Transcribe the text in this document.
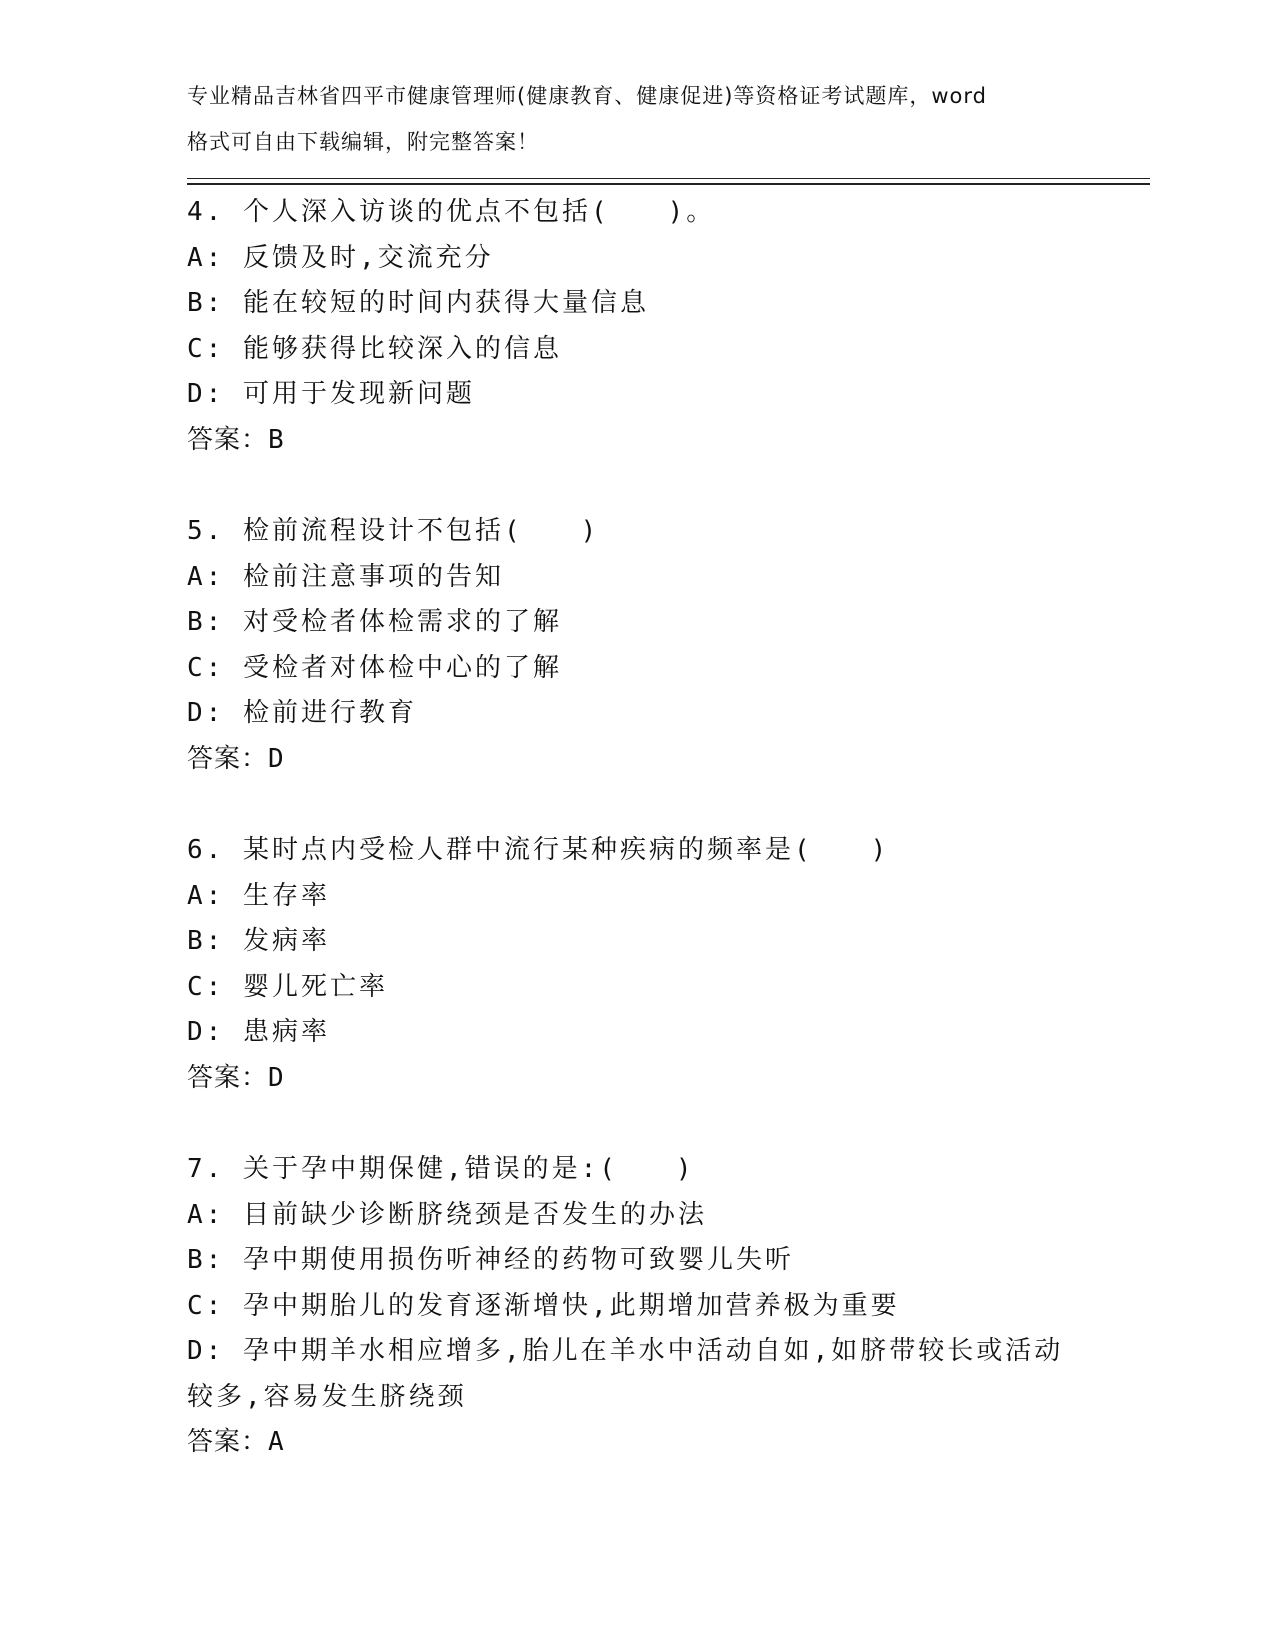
专业精品吉林省四平市健康管理师(健康教育、健康促进)等资格证考试题库，word
格式可自由下载编辑，附完整答案！
4. 个人深入访谈的优点不包括(　　)。
A: 反馈及时,交流充分
B: 能在较短的时间内获得大量信息
C: 能够获得比较深入的信息
D: 可用于发现新问题
答案：B
5. 检前流程设计不包括(　　)
A: 检前注意事项的告知
B: 对受检者体检需求的了解
C: 受检者对体检中心的了解
D: 检前进行教育
答案：D
6. 某时点内受检人群中流行某种疾病的频率是(　　)
A: 生存率
B: 发病率
C: 婴儿死亡率
D: 患病率
答案：D
7. 关于孕中期保健,错误的是:(　　)
A: 目前缺少诊断脐绕颈是否发生的办法
B: 孕中期使用损伤听神经的药物可致婴儿失听
C: 孕中期胎儿的发育逐渐增快,此期增加营养极为重要
D: 孕中期羊水相应增多,胎儿在羊水中活动自如,如脐带较长或活动较多,容易发生脐绕颈
答案：A
